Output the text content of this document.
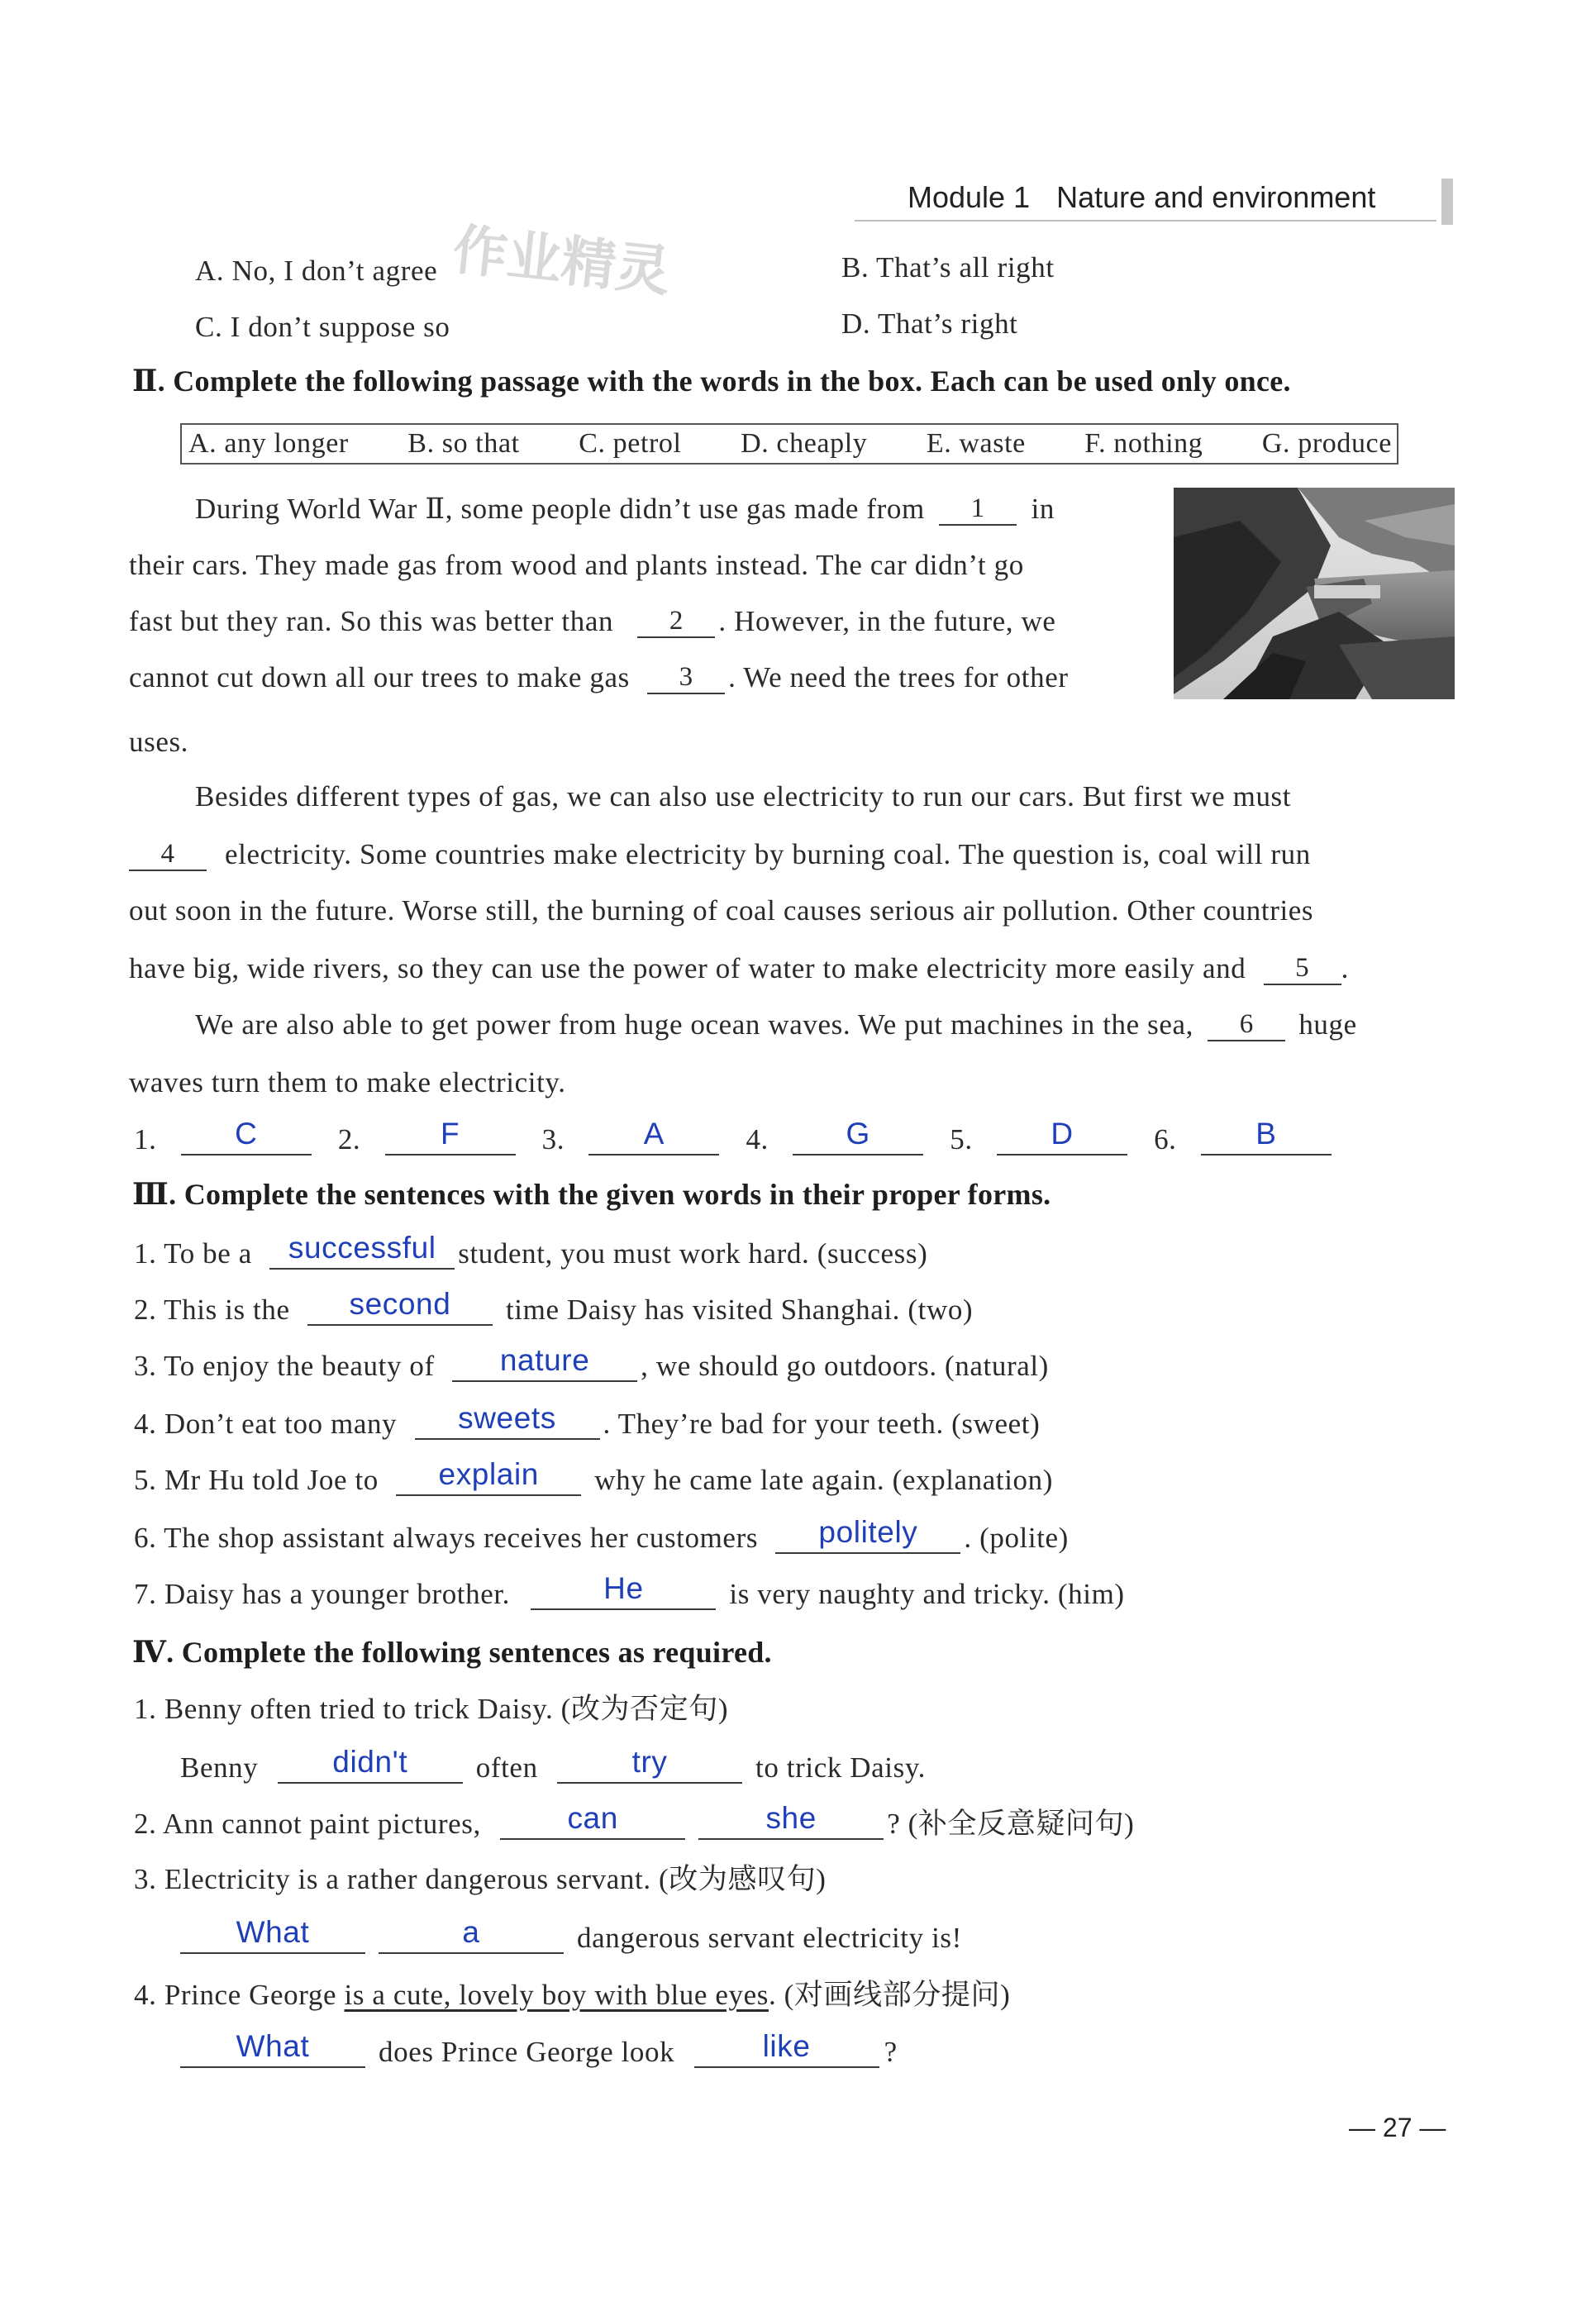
Module 1 Nature and environment
作业精灵
A. No, I don’t agree	B. That’s all right
C. I don’t suppose so	D. That’s right
Ⅱ. Complete the following passage with the words in the box. Each can be used only once.
A. any longer B. so that C. petrol D. cheaply E. waste F. nothing G. produce
During World War Ⅱ, some people didn’t use gas made from 1 in
their cars. They made gas from wood and plants instead. The car didn’t go
fast but they ran. So this was better than 2 . However, in the future, we
cannot cut down all our trees to make gas 3 . We need the trees for other
uses.
Besides different types of gas, we can also use electricity to run our cars. But first we must
4 electricity. Some countries make electricity by burning coal. The question is, coal will run
out soon in the future. Worse still, the burning of coal causes serious air pollution. Other countries
have big, wide rivers, so they can use the power of water to make electricity more easily and 5 .
We are also able to get power from huge ocean waves. We put machines in the sea, 6 huge
waves turn them to make electricity.
1.	C	2.	F	3.	A	4.	G	5.	D	6.	B
Ⅲ. Complete the sentences with the given words in their proper forms.
1. To be a successful student, you must work hard. (success)
2. This is the second time Daisy has visited Shanghai. (two)
3. To enjoy the beauty of nature , we should go outdoors. (natural)
4. Don’t eat too many sweets . They’re bad for your teeth. (sweet)
5. Mr Hu told Joe to explain why he came late again. (explanation)
6. The shop assistant always receives her customers politely . (polite)
7. Daisy has a younger brother.	He	is very naughty and tricky. (him)
Ⅳ. Complete the following sentences as required.
1. Benny often tried to trick Daisy. (改为否定句)
Benny didn't often	try	to trick Daisy.
2. Ann cannot paint pictures,	can	she ? (补全反意疑问句)
3. Electricity is a rather dangerous servant. (改为感叹句)
What	a	dangerous servant electricity is!
4. Prince George is a cute, lovely boy with blue eyes. (对画线部分提问)
What does Prince George look	like	?
— 27 —
